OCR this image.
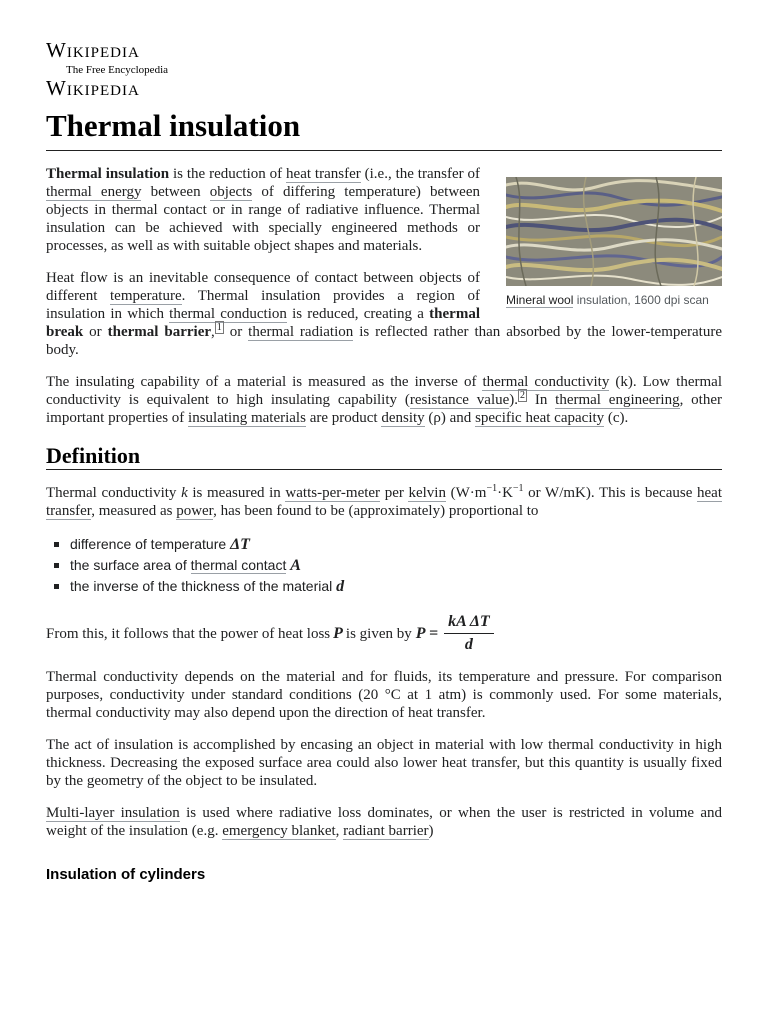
Wikipedia
The Free Encyclopedia
Wikipedia
Thermal insulation
Mineral wool insulation, 1600 dpi scan

Thermal insulation is the reduction of heat transfer (i.e., the transfer of thermal energy between objects of differing temperature) between objects in thermal contact or in range of radiative influence. Thermal insulation can be achieved with specially engineered methods or processes, as well as with suitable object shapes and materials.

Heat flow is an inevitable consequence of contact between objects of different temperature. Thermal insulation provides a region of insulation in which thermal conduction is reduced, creating a thermal break or thermal barrier, $^1$ or thermal radiation is reflected rather than absorbed by the lower-temperature body.

The insulating capability of a material is measured as the inverse of thermal conductivity (k). Low thermal conductivity is equivalent to high insulating capability (resistance value). $^2$ In thermal engineering, other important properties of insulating materials are product density (ρ) and specific heat capacity (c).

Definition

Thermal conductivity k is measured in watts-per-meter per kelvin ($W\cdot m^{-1}\cdot K^{-1}$ or W/mK). This is because heat transfer, measured as power, has been found to be (approximately) proportional to

difference of temperature ΔT
the surface area of thermal contact A
the inverse of the thickness of the material d
From this, it follows that the power of heat loss P is given by $P = \frac{\text{kA ΔT}}{d}$

Thermal conductivity depends on the material and for fluids, its temperature and pressure. For comparison purposes, conductivity under standard conditions (20 °C at 1 atm) is commonly used. For some materials, thermal conductivity may also depend upon the direction of heat transfer.

The act of insulation is accomplished by encasing an object in material with low thermal conductivity in high thickness. Decreasing the exposed surface area could also lower heat transfer, but this quantity is usually fixed by the geometry of the object to be insulated.

Multi-layer insulation is used where radiative loss dominates, or when the user is restricted in volume and weight of the insulation (e.g. emergency blanket, radiant barrier)

Insulation of cylinders
